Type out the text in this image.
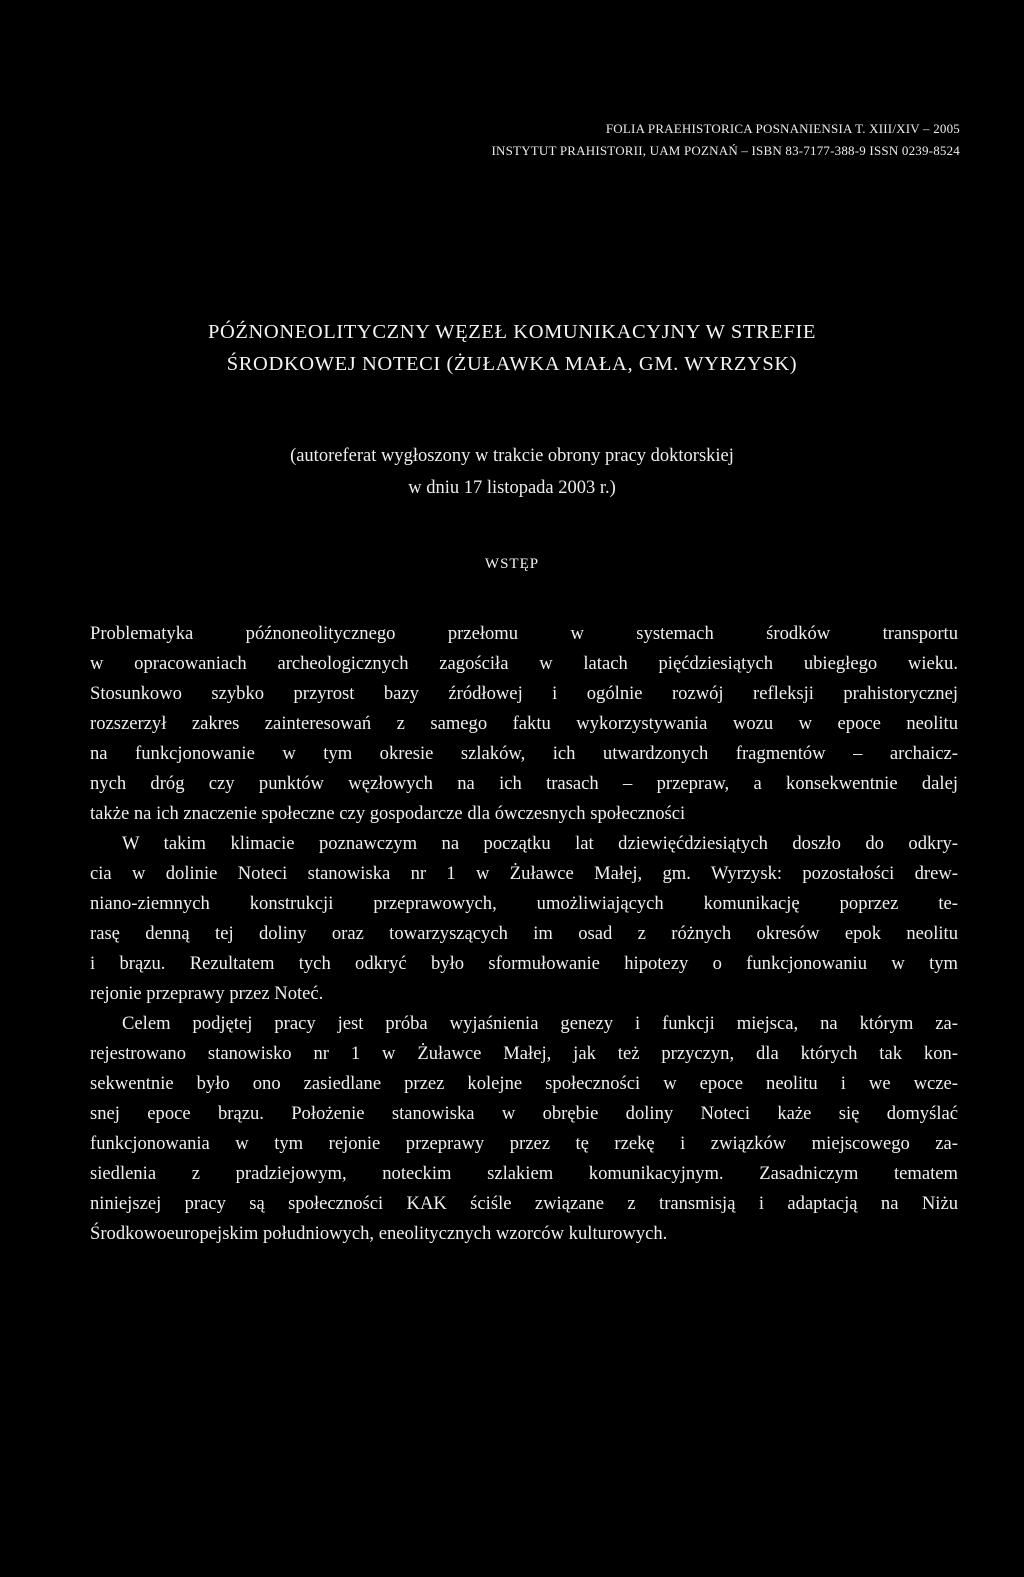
FOLIA PRAEHISTORICA POSNANIENSIA T. XIII/XIV – 2005
INSTYTUT PRAHISTORII, UAM POZNAŃ – ISBN 83-7177-388-9 ISSN 0239-8524
PÓŹNONEOLITYCZNY WĘZEŁ KOMUNIKACYJNY W STREFIE
ŚRODKOWEJ NOTECI (ŻUŁAWKA MAŁA, GM. WYRZYSK)
(autoreferat wygłoszony w trakcie obrony pracy doktorskiej
w dniu 17 listopada 2003 r.)
WSTĘP

Problematyka późnoneolitycznego przełomu w systemach środków transportu
w opracowaniach archeologicznych zagościła w latach pięćdziesiątych ubiegłego wieku.
Stosunkowo szybko przyrost bazy źródłowej i ogólnie rozwój refleksji prahistorycznej
rozszerzył zakres zainteresowań z samego faktu wykorzystywania wozu w epoce neolitu
na funkcjonowanie w tym okresie szlaków, ich utwardzonych fragmentów – archaicz-
nych dróg czy punktów węzłowych na ich trasach – przepraw, a konsekwentnie dalej
także na ich znaczenie społeczne czy gospodarcze dla ówczesnych społeczności

W takim klimacie poznawczym na początku lat dziewięćdziesiątych doszło do odkry-
cia w dolinie Noteci stanowiska nr 1 w Żuławce Małej, gm. Wyrzysk: pozostałości drew-
niano-ziemnych konstrukcji przeprawowych, umożliwiających komunikację poprzez te-
rasę denną tej doliny oraz towarzyszących im osad z różnych okresów epok neolitu
i brązu. Rezultatem tych odkryć było sformułowanie hipotezy o funkcjonowaniu w tym
rejonie przeprawy przez Noteć.

Celem podjętej pracy jest próba wyjaśnienia genezy i funkcji miejsca, na którym za-
rejestrowano stanowisko nr 1 w Żuławce Małej, jak też przyczyn, dla których tak kon-
sekwentnie było ono zasiedlane przez kolejne społeczności w epoce neolitu i we wcze-
snej epoce brązu. Położenie stanowiska w obrębie doliny Noteci każe się domyślać
funkcjonowania w tym rejonie przeprawy przez tę rzekę i związków miejscowego za-
siedlenia z pradziejowym, noteckim szlakiem komunikacyjnym. Zasadniczym tematem
niniejszej pracy są społeczności KAK ściśle związane z transmisją i adaptacją na Niżu
Środkowoeuropejskim południowych, eneolitycznych wzorców kulturowych.
